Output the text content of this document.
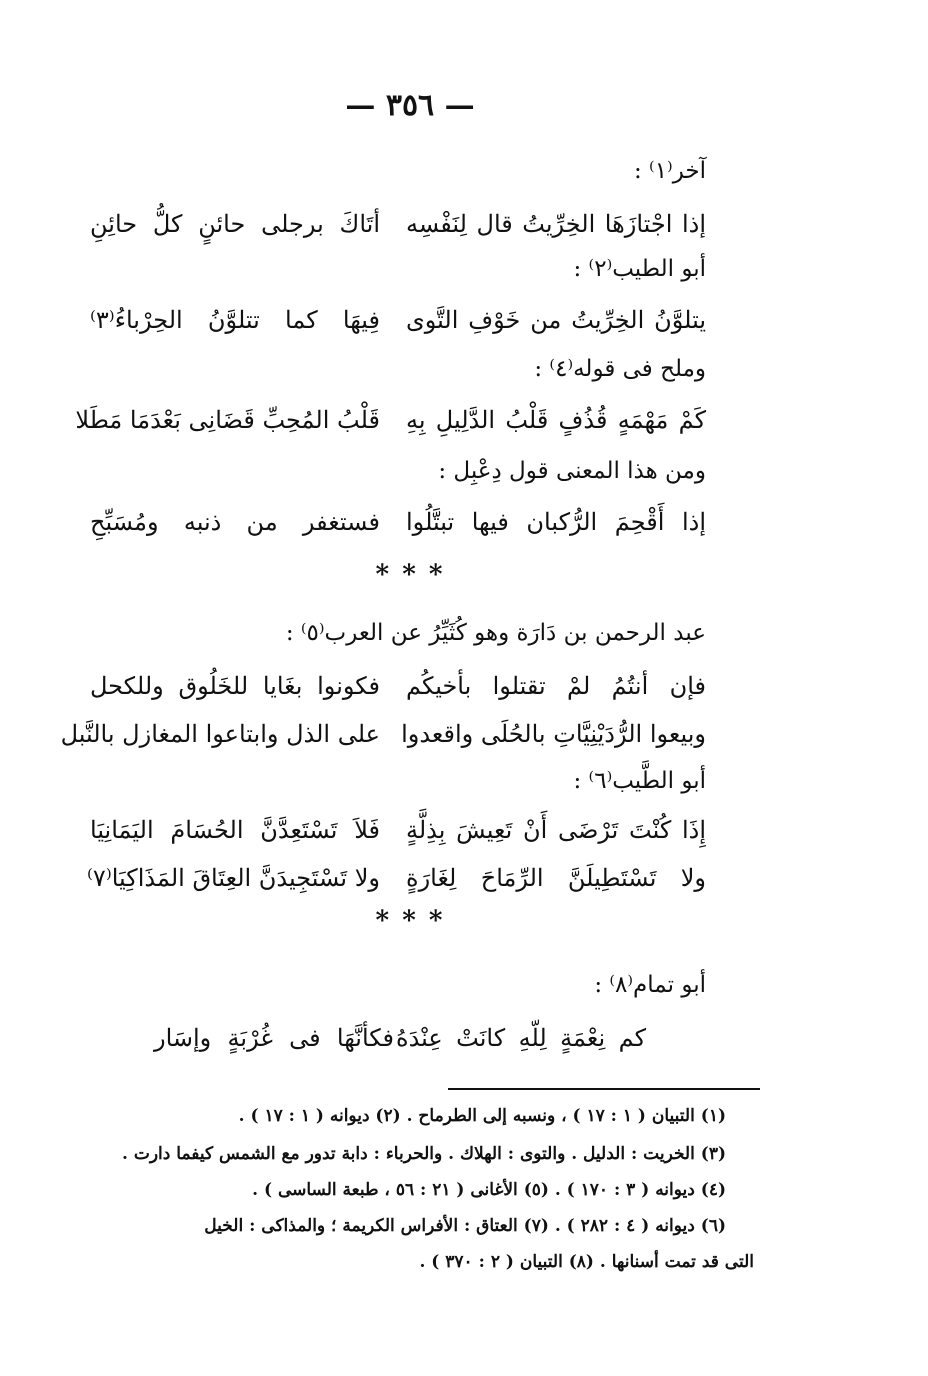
— ٣٥٦ —
آخر⁽١⁾ :
إذا اجْتازَهَا الخِرِّيتُ قال لِنَفْسِه
أتَاكَ برجلى حائنٍ كلُّ حائِنِ
أبو الطيب⁽٢⁾ :
يتلوَّنُ الخِرِّيتُ من خَوْفِ التَّوى
فِيهَا كما تتلوَّنُ الحِرْباءُ⁽٣⁾
وملح فى قوله⁽٤⁾ :
كَمْ مَهْمَهٍ قُذُفٍ قَلْبُ الدَّلِيلِ بِهِ
قَلْبُ المُحِبِّ قَضَانِى بَعْدَمَا مَطَلا
ومن هذا المعنى قول دِعْبِل :
إذا أَقْحِمَ الرُّكبان فيها تبتَّلُوا
فستغفر من ذنبه ومُسَبِّحِ
* * *
عبد الرحمن بن دَارَة وهو كُثَيِّرُ عن العرب⁽٥⁾ :
فإن أنتُمُ لمْ تقتلوا بأخيكُم
فكونوا بغَايا للخَلُوق وللكحل
وبيعوا الرُّدَيْنِيَّاتِ بالحُلَى واقعدوا
على الذل وابتاعوا المغازل بالنَّبل
أبو الطَّيب⁽٦⁾ :
إِذَا كُنْتَ تَرْضَى أَنْ تَعِيشَ بِذِلَّةٍ
فَلاَ تَسْتَعِدَّنَّ الحُسَامَ اليَمَانِيَا
ولا تَسْتَطِيلَنَّ الرِّمَاحَ لِغَارَةٍ
ولا تَسْتَجِيدَنَّ العِتَاقَ المَذَاكِيَا⁽٧⁾
* * *
أبو تمام⁽٨⁾ :
كم نِعْمَةٍ لِلّهِ كانَتْ عِنْدَهُ
فكأنَّهَا فى غُرْبَةٍ وإسَار
(١) التبيان ( ١ : ١٧ ) ، ونسبه إلى الطرماح . (٢) ديوانه ( ١ : ١٧ ) .
(٣) الخريت : الدليل . والتوى : الهلاك . والحرباء : دابة تدور مع الشمس كيفما دارت .
(٤) ديوانه ( ٣ : ١٧٠ ) . (٥) الأغانى ( ٢١ : ٥٦ ، طبعة الساسى ) .
(٦) ديوانه ( ٤ : ٢٨٢ ) . (٧) العتاق : الأفراس الكريمة ؛ والمذاكى : الخيل
التى قد تمت أسنانها . (٨) التبيان ( ٢ : ٣٧٠ ) .
